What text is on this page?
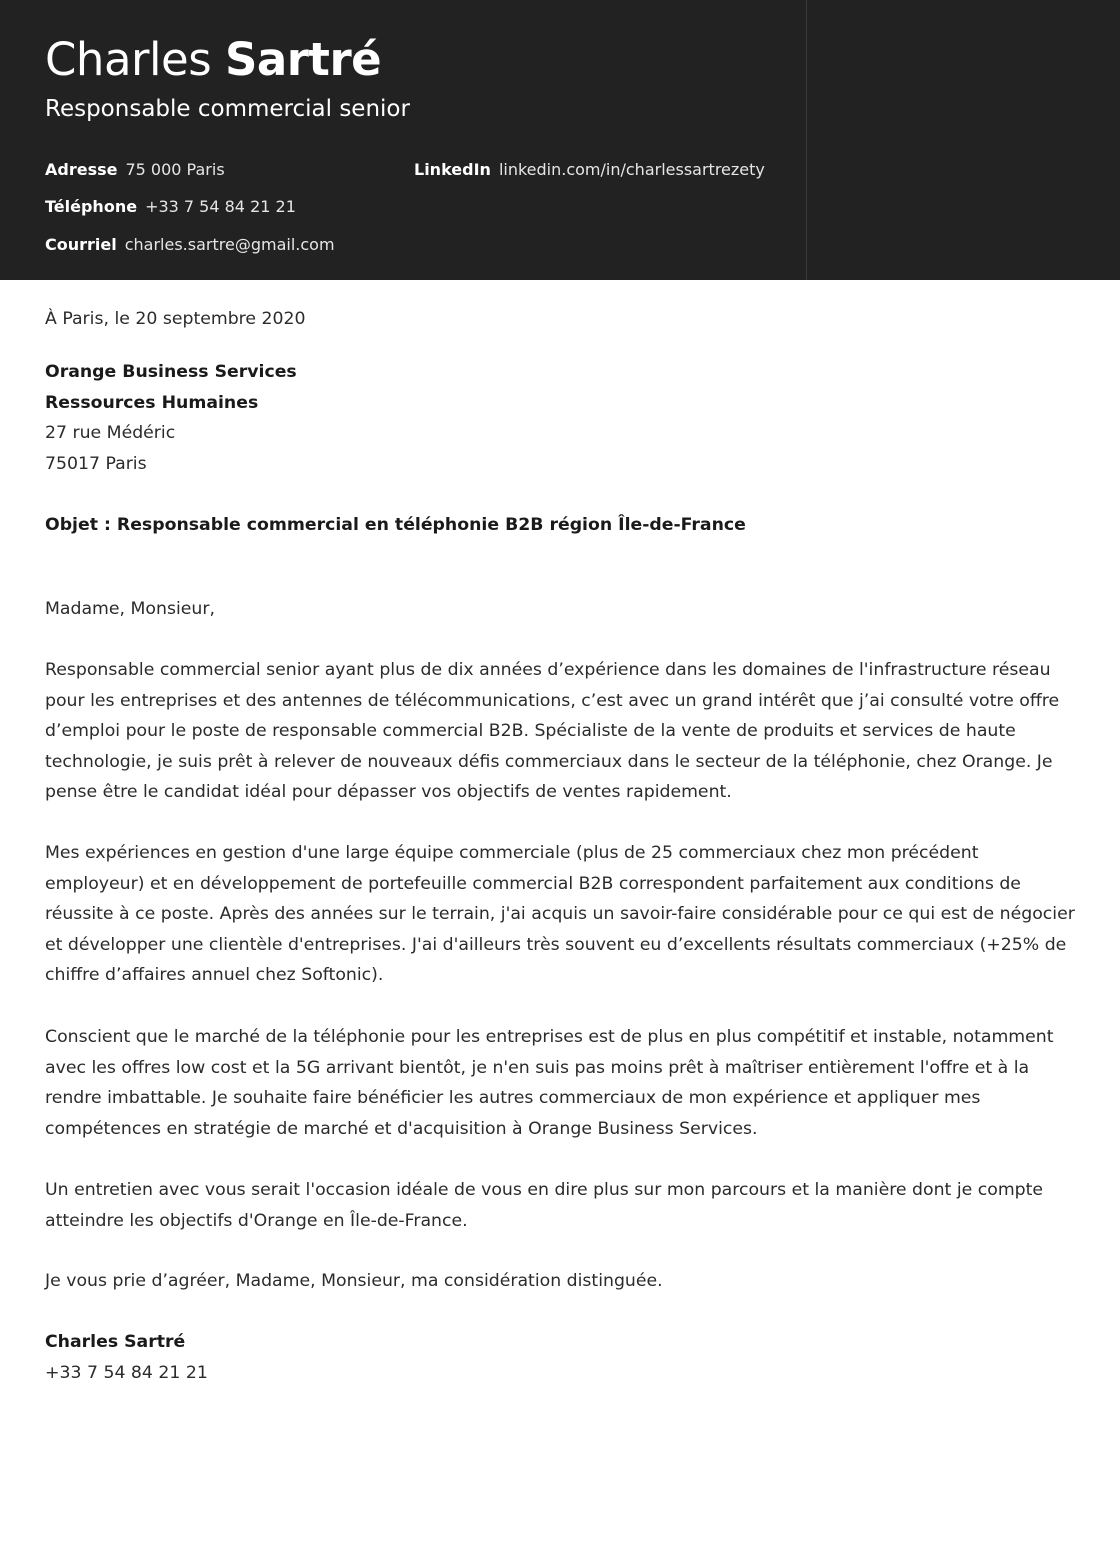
Charles Sartré
Responsable commercial senior
Adresse 75 000 Paris
Téléphone +33 7 54 84 21 21
Courriel charles.sartre@gmail.com
LinkedIn linkedin.com/in/charlessartrezety
À Paris, le 20 septembre 2020
Orange Business Services
Ressources Humaines
27 rue Médéric
75017 Paris
Objet : Responsable commercial en téléphonie B2B région Île-de-France
Madame, Monsieur,

Responsable commercial senior ayant plus de dix années d’expérience dans les domaines de l'infrastructure réseau pour les entreprises et des antennes de télécommunications, c’est avec un grand intérêt que j’ai consulté votre offre d’emploi pour le poste de responsable commercial B2B. Spécialiste de la vente de produits et services de haute technologie, je suis prêt à relever de nouveaux défis commerciaux dans le secteur de la téléphonie, chez Orange. Je pense être le candidat idéal pour dépasser vos objectifs de ventes rapidement.

Mes expériences en gestion d'une large équipe commerciale (plus de 25 commerciaux chez mon précédent employeur) et en développement de portefeuille commercial B2B correspondent parfaitement aux conditions de réussite à ce poste. Après des années sur le terrain, j'ai acquis un savoir-faire considérable pour ce qui est de négocier et développer une clientèle d'entreprises. J'ai d'ailleurs très souvent eu d’excellents résultats commerciaux (+25% de chiffre d’affaires annuel chez Softonic).

Conscient que le marché de la téléphonie pour les entreprises est de plus en plus compétitif et instable, notamment avec les offres low cost et la 5G arrivant bientôt, je n'en suis pas moins prêt à maîtriser entièrement l'offre et à la rendre imbattable. Je souhaite faire bénéficier les autres commerciaux de mon expérience et appliquer mes compétences en stratégie de marché et d'acquisition à Orange Business Services.

Un entretien avec vous serait l'occasion idéale de vous en dire plus sur mon parcours et la manière dont je compte atteindre les objectifs d'Orange en Île-de-France.

Je vous prie d’agréer, Madame, Monsieur, ma considération distinguée.
Charles Sartré
+33 7 54 84 21 21
